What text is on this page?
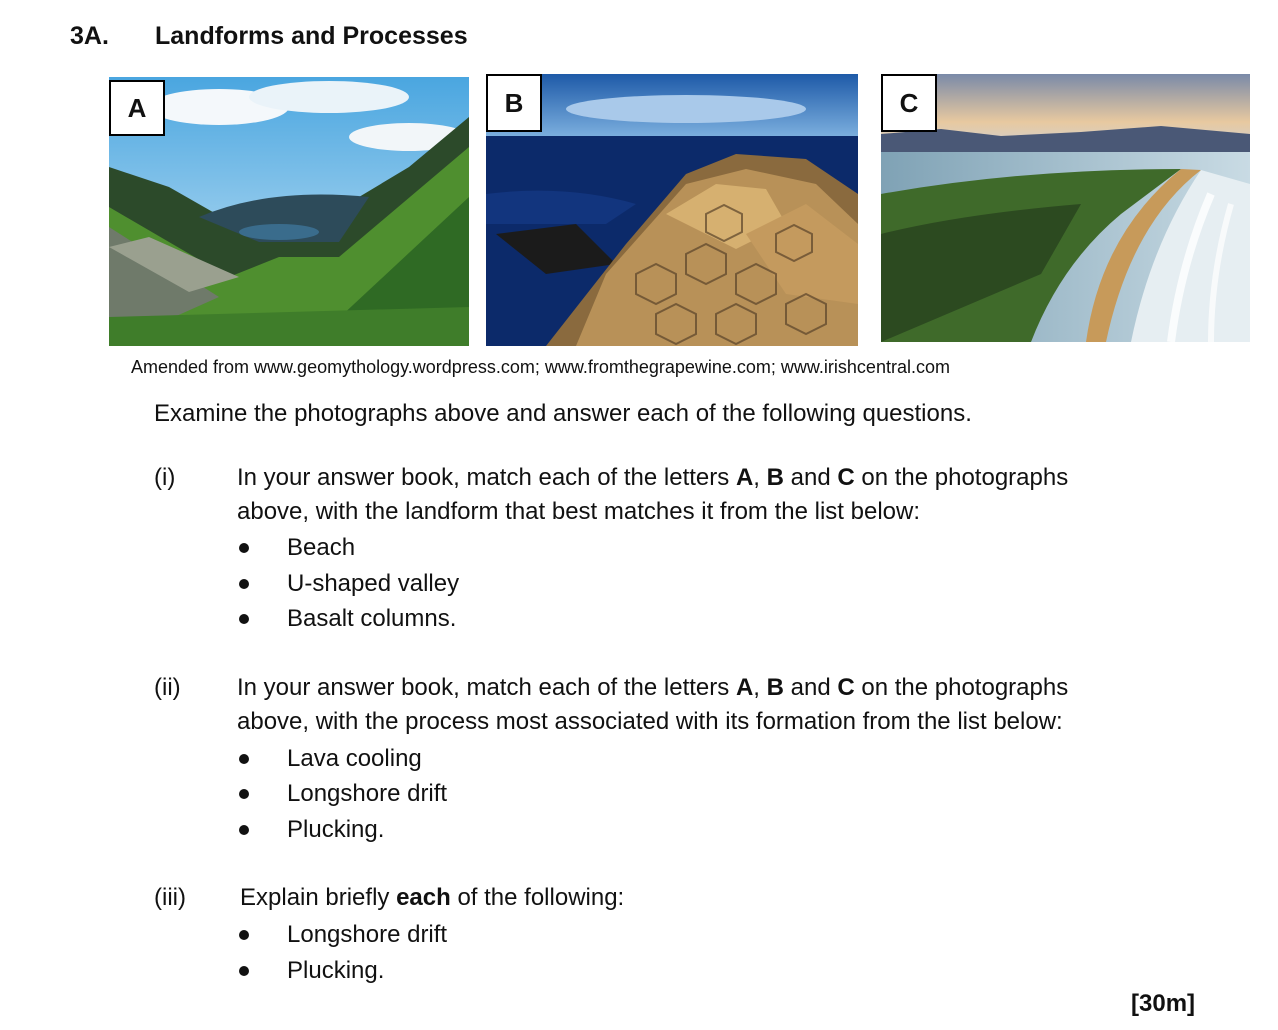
3A. Landforms and Processes
A	B	C
Amended from www.geomythology.wordpress.com; www.fromthegrapewine.com; www.irishcentral.com
Examine the photographs above and answer each of the following questions.
(i)	In your answer book, match each of the letters A, B and C on the photographs
above, with the landform that best matches it from the list below:
Beach
U-shaped valley
Basalt columns.
(ii) In your answer book, match each of the letters A, B and C on the photographs
above, with the process most associated with its formation from the list below:
Lava cooling
Longshore drift
Plucking.
(iii) Explain briefly each of the following:
Longshore drift
Plucking.
[30m]
